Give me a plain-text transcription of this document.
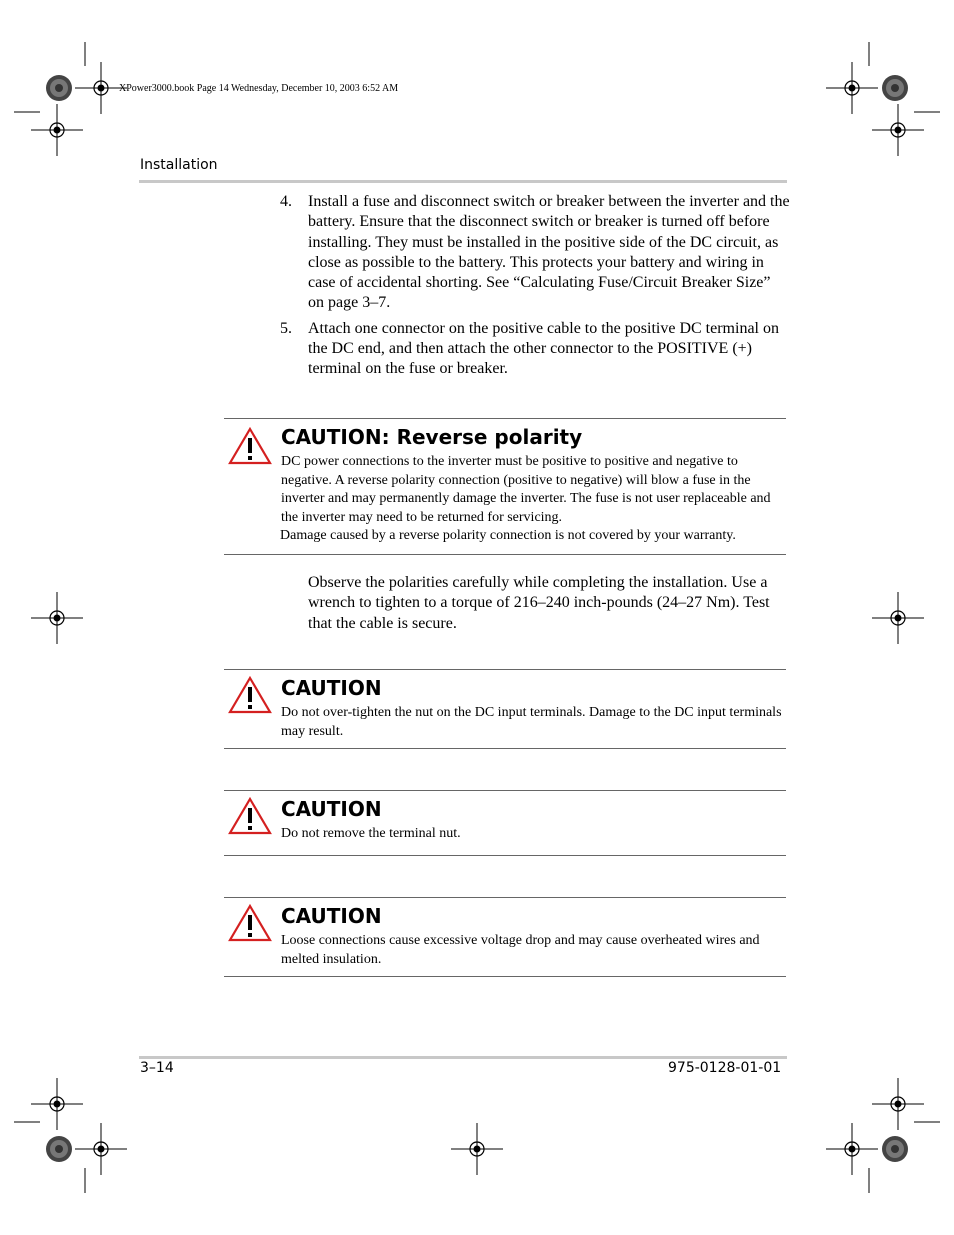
XPower3000.book Page 14 Wednesday, December 10, 2003 6:52 AM
Installation
4.	Install a fuse and disconnect switch or breaker between the inverter and the battery. Ensure that the disconnect switch or breaker is turned off before installing. They must be installed in the positive side of the DC circuit, as close as possible to the battery. This protects your battery and wiring in case of accidental shorting. See “Calculating Fuse/Circuit Breaker Size” on page 3–7.
5.	Attach one connector on the positive cable to the positive DC terminal on the DC end, and then attach the other connector to the POSITIVE (+) terminal on the fuse or breaker.
CAUTION: Reverse polarity
DC power connections to the inverter must be positive to positive and negative to negative. A reverse polarity connection (positive to negative) will blow a fuse in the inverter and may permanently damage the inverter. The fuse is not user replaceable and the inverter may need to be returned for servicing.
Damage caused by a reverse polarity connection is not covered by your warranty.
Observe the polarities carefully while completing the installation. Use a wrench to tighten to a torque of 216–240 inch-pounds (24–27 Nm). Test that the cable is secure.
CAUTION
Do not over-tighten the nut on the DC input terminals. Damage to the DC input terminals may result.
CAUTION
Do not remove the terminal nut.
CAUTION
Loose connections cause excessive voltage drop and may cause overheated wires and melted insulation.
3–14	975-0128-01-01
